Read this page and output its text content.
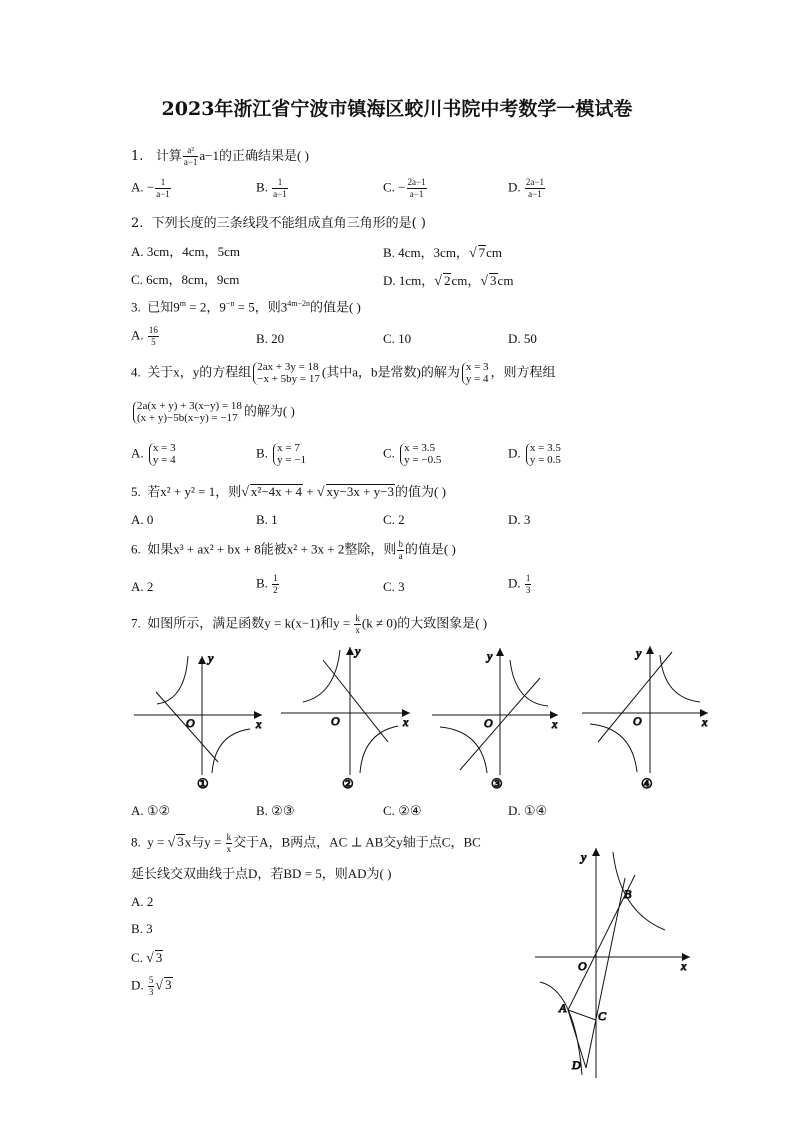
2023年浙江省宁波市镇海区蛟川书院中考数学一模试卷
1. 计算 $\frac{\text{a²}}{a-1} a-1$的正确结果是( )
2. 下列长度的三条线段不能组成直角三角形的是( )
A. 3cm，4cm，5cm	B. 4cm，3cm，√ 7cm
C. 6cm，8cm，9cm	D. 1cm，√ 2cm，√ 3cm
3. 已知$9^m = 2$，$9^{-n} = 5$，则$3^{4m-2n}$的值是( )
A. $\frac{16}{5}$	B. 20	C. 10	D. 50
4. 关于x，y的方程组 2ax + 3y = 18
−x + 5by = 17 (其中a，b是常数)的解为 x = 3
y = 4 ，则方程组
2a(x + y) + 3(x−y) = 18
(x + y)−5b(x−y) = −17 的解为( )
5. 若x² + y² = 1，则√ x²−4x + 4 + √ xy−3x + y−3的值为( )
A. 0	B. 1	C. 2	D. 3
6. 如果x³ + ax² + bx + 8能被x² + 3x + 2整除，则 $\frac{b}{a}$ 的值是( )
A. 2	B. $\frac{1}{2}$	C. 3	D. $\frac{1}{3}$
7. 如图所示，满足函数y = k(x−1)和$y = \frac{k}{x} (k \ne 0)$的大致图象是( )
y
x
O
①
y
x
O
②
y
x
O
③
y
x
O
④
y
x
O
B
A
C
D
A. ①②	B. ②③	C. ②④	D. ①④
8. y = √ 3x与$y = \frac{k}{x}$ 交于A，B两点，AC ⊥ AB交y轴于点C，BC
延长线交双曲线于点D，若BD = 5，则AD为( )
A. 2
B. 3
C. √ 3
D. $\frac{5}{3}$ √ 3
A. − $\frac{1}{a-1}$	B. $\frac{1}{a-1}$	C. − $\frac{2a-1}{a-1}$	D. $\frac{2a-1}{a-1}$
A. x = 3
y = 4	B. x = 7
y = −1	C. x = 3.5
y = −0.5	D. x = 3.5
y = 0.5
